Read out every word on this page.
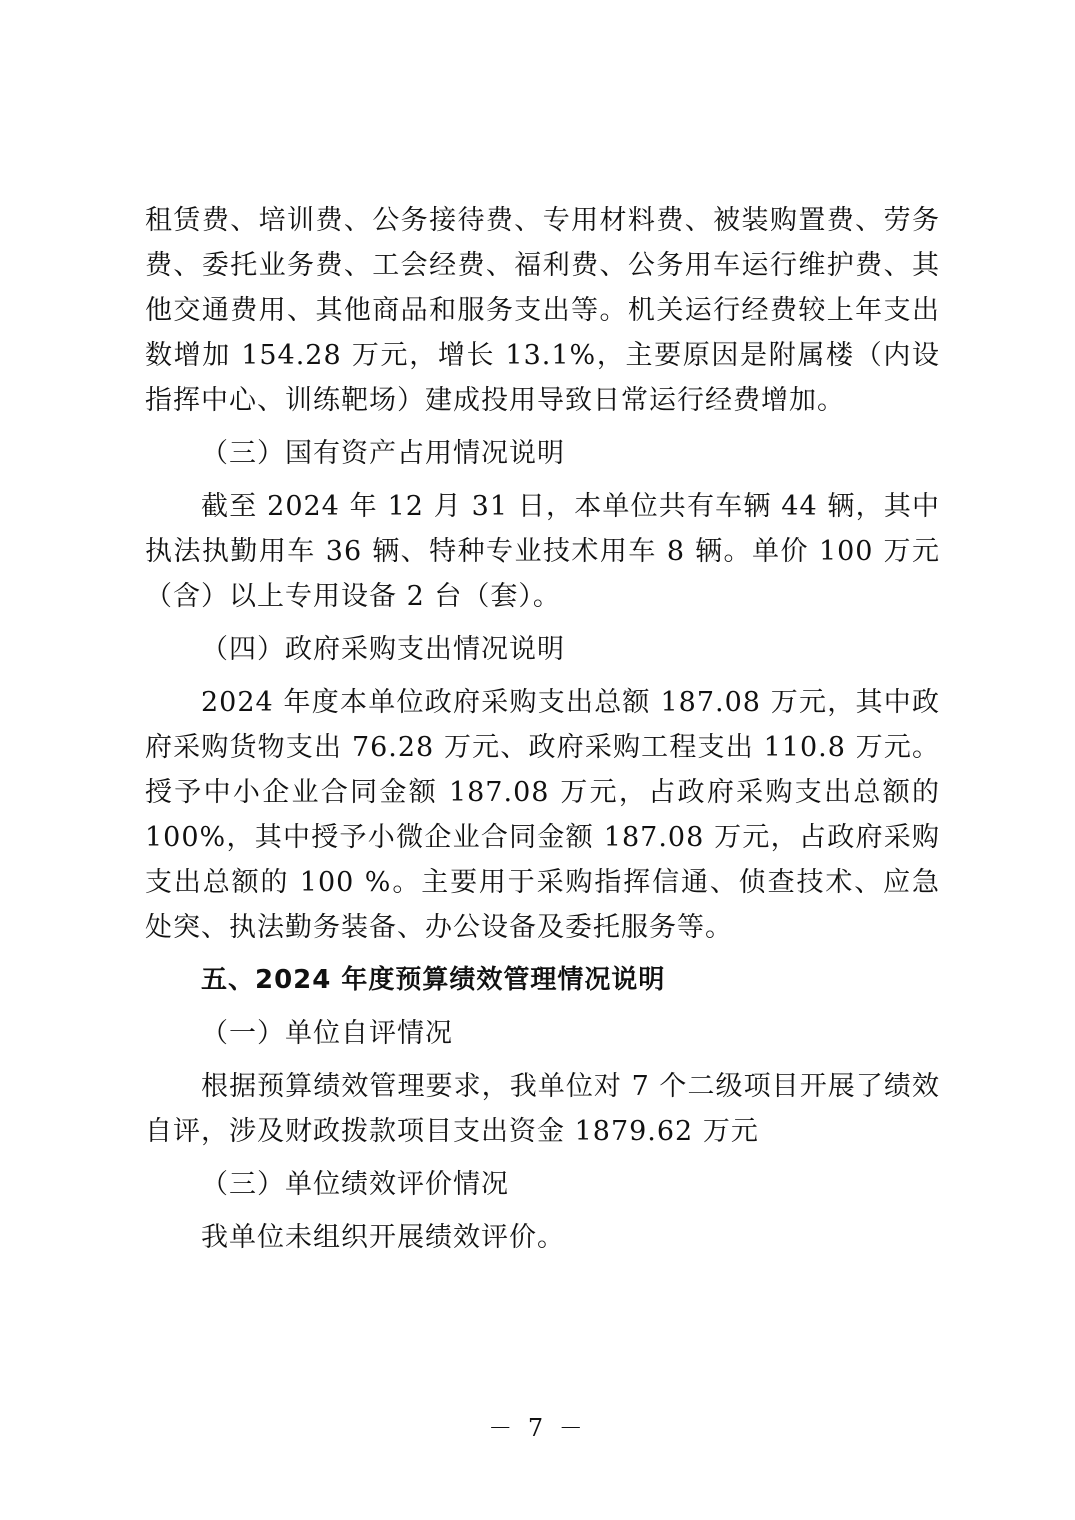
租赁费、培训费、公务接待费、专用材料费、被装购置费、劳务费、委托业务费、工会经费、福利费、公务用车运行维护费、其他交通费用、其他商品和服务支出等。机关运行经费较上年支出数增加 154.28 万元，增长 13.1%，主要原因是附属楼（内设指挥中心、训练靶场）建成投用导致日常运行经费增加。

（三）国有资产占用情况说明

截至 2024 年 12 月 31 日，本单位共有车辆 44 辆，其中执法执勤用车 36 辆、特种专业技术用车 8 辆。单价 100 万元（含）以上专用设备 2 台（套）。

（四）政府采购支出情况说明

2024 年度本单位政府采购支出总额 187.08 万元，其中政府采购货物支出 76.28 万元、政府采购工程支出 110.8 万元。授予中小企业合同金额 187.08 万元，占政府采购支出总额的 100%，其中授予小微企业合同金额 187.08 万元，占政府采购支出总额的 100 %。主要用于采购指挥信通、侦查技术、应急处突、执法勤务装备、办公设备及委托服务等。

五、2024 年度预算绩效管理情况说明

（一）单位自评情况

根据预算绩效管理要求，我单位对 7 个二级项目开展了绩效自评，涉及财政拨款项目支出资金 1879.62 万元

（三）单位绩效评价情况

我单位未组织开展绩效评价。

－ 7 －
